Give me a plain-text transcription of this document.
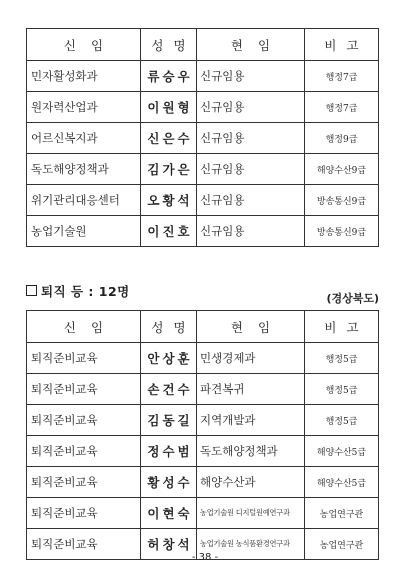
신임	성명	현임	비고
민자활성화과	류승우	신규임용	행정7급
원자력산업과	이원형	신규임용	행정7급
어르신복지과	신은수	신규임용	행정9급
독도해양정책과	김가은	신규임용	해양수산9급
위기관리대응센터	오황석	신규임용	방송통신9급
농업기술원	이진호	신규임용	방송통신9급
퇴직 등 : 12명	(경상북도)
신임	성명	현임	비고
퇴직준비교육	안상훈	민생경제과	행정5급
퇴직준비교육	손건수	파견복귀	행정5급
퇴직준비교육	김동길	지역개발과	행정5급
퇴직준비교육	정수범	독도해양정책과	해양수산5급
퇴직준비교육	황성수	해양수산과	해양수산5급
퇴직준비교육	이현숙	농업기술원 디지털원예연구과	농업연구관
퇴직준비교육	허창석	농업기술원 농식품환경연구과	농업연구관
- 38 -
